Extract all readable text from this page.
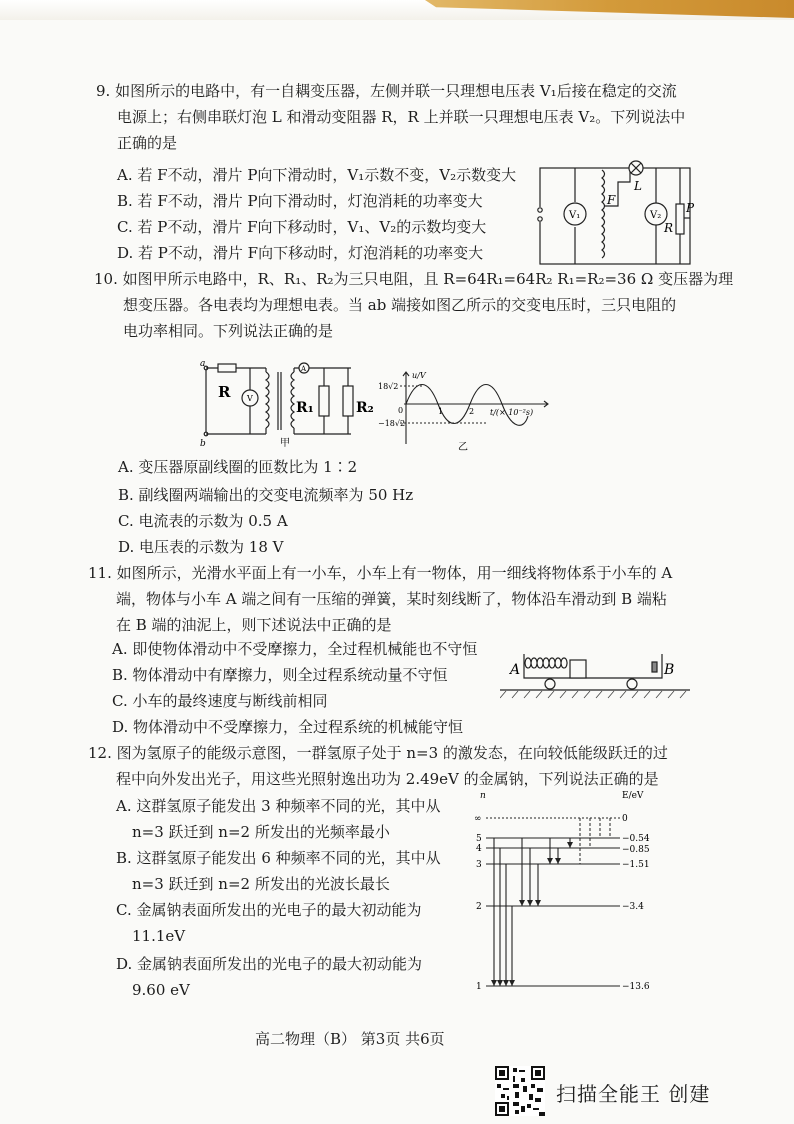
9. 如图所示的电路中，有一自耦变压器，左侧并联一只理想电压表 V₁后接在稳定的交流
电源上；右侧串联灯泡 L 和滑动变阻器 R，R 上并联一只理想电压表 V₂。下列说法中
正确的是
A. 若 F不动，滑片 P向下滑动时，V₁示数不变，V₂示数变大
B. 若 F不动，滑片 P向下滑动时，灯泡消耗的功率变大
C. 若 P不动，滑片 F向下移动时，V₁、V₂的示数均变大
D. 若 P不动，滑片 F向下移动时，灯泡消耗的功率变大
V₁	V₂
F
L
R
P
10. 如图甲所示电路中，R、R₁、R₂为三只电阻，且 R=64R₁=64R₂ R₁=R₂=36 Ω 变压器为理
想变压器。各电表均为理想电表。当 ab 端接如图乙所示的交变电压时，三只电阻的
电功率相同。下列说法正确的是
a
b
R V
A
R₁	R₂
甲
u/V
18√2
−18√2
0	1	2 t/(× 10⁻²s)
乙
A. 变压器原副线圈的匝数比为 1∶2
B. 副线圈两端输出的交变电流频率为 50 Hz
C. 电流表的示数为 0.5 A
D. 电压表的示数为 18 V
11. 如图所示，光滑水平面上有一小车，小车上有一物体，用一细线将物体系于小车的 A
端，物体与小车 A 端之间有一压缩的弹簧，某时刻线断了，物体沿车滑动到 B 端粘
在 B 端的油泥上，则下述说法中正确的是
A. 即使物体滑动中不受摩擦力，全过程机械能也不守恒
B. 物体滑动中有摩擦力，则全过程系统动量不守恒
C. 小车的最终速度与断线前相同
D. 物体滑动中不受摩擦力，全过程系统的机械能守恒
A	B
12. 图为氢原子的能级示意图，一群氢原子处于 n=3 的激发态，在向较低能级跃迁的过
程中向外发出光子，用这些光照射逸出功为 2.49eV 的金属钠，下列说法正确的是
A. 这群氢原子能发出 3 种频率不同的光，其中从
n=3 跃迁到 n=2 所发出的光频率最小
B. 这群氢原子能发出 6 种频率不同的光，其中从
n=3 跃迁到 n=2 所发出的光波长最长
C. 金属钠表面所发出的光电子的最大初动能为
11.1eV
D. 金属钠表面所发出的光电子的最大初动能为
9.60 eV
n	E/eV
∞	0
5	−0.54
4	−0.85
3	−1.51
2	−3.4
1	−13.6
高二物理（B） 第3页 共6页
扫描全能王 创建
